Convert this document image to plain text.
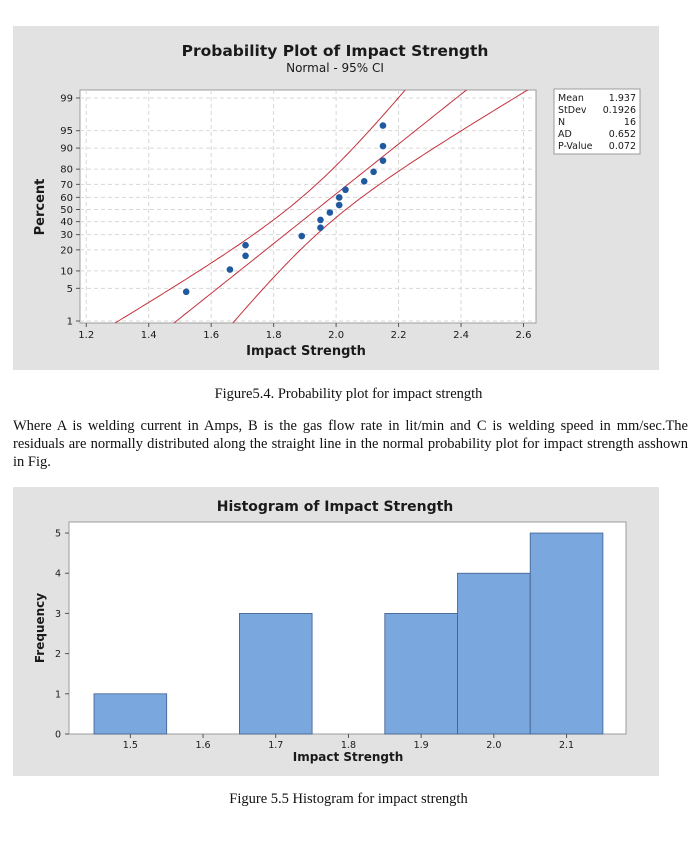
Probability Plot of Impact Strength
Normal - 95% CI
1.2	1.4	1.6	1.8	2.0	2.2	2.4	2.6
1
5
10
20
30
40
50
60
70
80
90
95
99
Impact Strength
Percent
Mean	1.937
StDev 0.1926
N	16
AD	0.652
P-Value 0.072
Figure5.4. Probability plot for impact strength
Where A is welding current in Amps, B is the gas flow rate in lit/min and C is welding speed in mm/sec.The residuals are normally distributed along the straight line in the normal probability plot for impact strength asshown in Fig.
Histogram of Impact Strength
1.5	1.6	1.7	1.8	1.9	2.0	2.1
0
1
2
3
4
5
Impact Strength
Frequency
Figure 5.5 Histogram for impact strength
